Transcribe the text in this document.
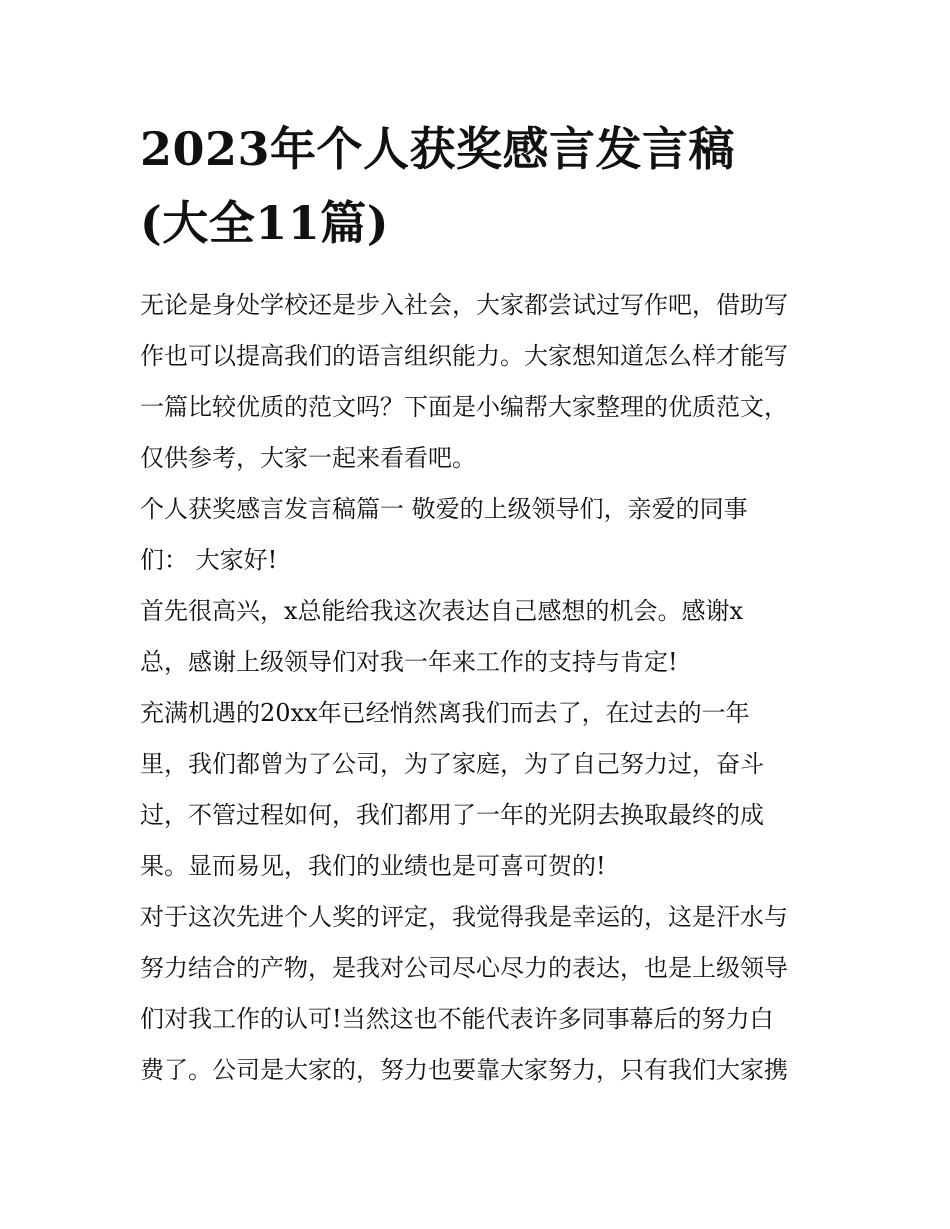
2023年个人获奖感言发言稿
(大全11篇)

无论是身处学校还是步入社会，大家都尝试过写作吧，借助写
作也可以提高我们的语言组织能力。大家想知道怎么样才能写
一篇比较优质的范文吗？下面是小编帮大家整理的优质范文，
仅供参考，大家一起来看看吧。

个人获奖感言发言稿篇一 敬爱的上级领导们，亲爱的同事
们： 大家好!

首先很高兴，x总能给我这次表达自己感想的机会。感谢x
总，感谢上级领导们对我一年来工作的支持与肯定!

充满机遇的20xx年已经悄然离我们而去了，在过去的一年
里，我们都曾为了公司，为了家庭，为了自己努力过，奋斗
过，不管过程如何，我们都用了一年的光阴去换取最终的成
果。显而易见，我们的业绩也是可喜可贺的!

对于这次先进个人奖的评定，我觉得我是幸运的，这是汗水与
努力结合的产物，是我对公司尽心尽力的表达，也是上级领导
们对我工作的认可!当然这也不能代表许多同事幕后的努力白
费了。公司是大家的，努力也要靠大家努力，只有我们大家携
